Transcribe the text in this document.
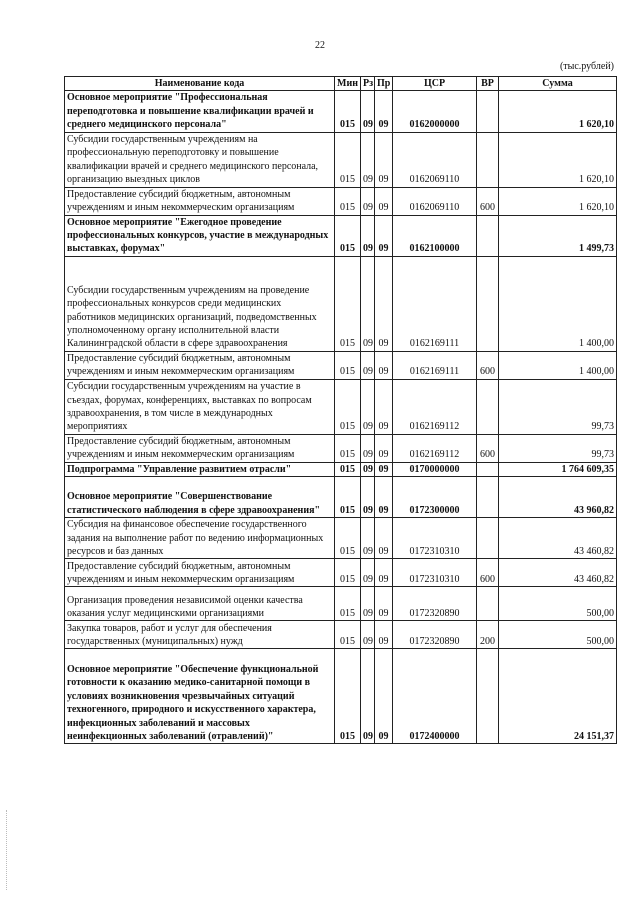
22
(тыс.рублей)
Наименование кода	Мин	Рз	Пр	ЦСР	ВР	Сумма
Основное мероприятие "Профессиональная переподготовка и повышение квалификации врачей и среднего медицинского персонала"	015	09	09	0162000000		1 620,10
Субсидии государственным учреждениям на профессиональную переподготовку и повышение квалификации врачей и среднего медицинского персонала, организацию выездных циклов	015	09	09	0162069110		1 620,10
Предоставление субсидий бюджетным, автономным учреждениям и иным некоммерческим организациям	015	09	09	0162069110	600	1 620,10
Основное мероприятие "Ежегодное проведение профессиональных конкурсов, участие в международных выставках, форумах"	015	09	09	0162100000		1 499,73
Субсидии государственным учреждениям на проведение профессиональных конкурсов среди медицинских работников медицинских организаций, подведомственных уполномоченному органу исполнительной власти Калининградской области в сфере здравоохранения	015	09	09	0162169111		1 400,00
Предоставление субсидий бюджетным, автономным учреждениям и иным некоммерческим организациям	015	09	09	0162169111	600	1 400,00
Субсидии государственным учреждениям на участие в съездах, форумах, конференциях, выставках по вопросам здравоохранения, в том числе в международных мероприятиях	015	09	09	0162169112		99,73
Предоставление субсидий бюджетным, автономным учреждениям и иным некоммерческим организациям	015	09	09	0162169112	600	99,73
Подпрограмма "Управление развитием отрасли"	015	09	09	0170000000		1 764 609,35
Основное мероприятие "Совершенствование статистического наблюдения в сфере здравоохранения"	015	09	09	0172300000		43 960,82
Субсидия на финансовое обеспечение государственного задания на выполнение работ по ведению информационных ресурсов и баз данных	015	09	09	0172310310		43 460,82
Предоставление субсидий бюджетным, автономным учреждениям и иным некоммерческим организациям	015	09	09	0172310310	600	43 460,82
Организация проведения независимой оценки качества оказания услуг медицинскими организациями	015	09	09	0172320890		500,00
Закупка товаров, работ и услуг для обеспечения государственных (муниципальных) нужд	015	09	09	0172320890	200	500,00
Основное мероприятие "Обеспечение функциональной готовности к оказанию медико-санитарной помощи в условиях возникновения чрезвычайных ситуаций техногенного, природного и искусственного характера, инфекционных заболеваний и массовых неинфекционных заболеваний (отравлений)"	015	09	09	0172400000		24 151,37
